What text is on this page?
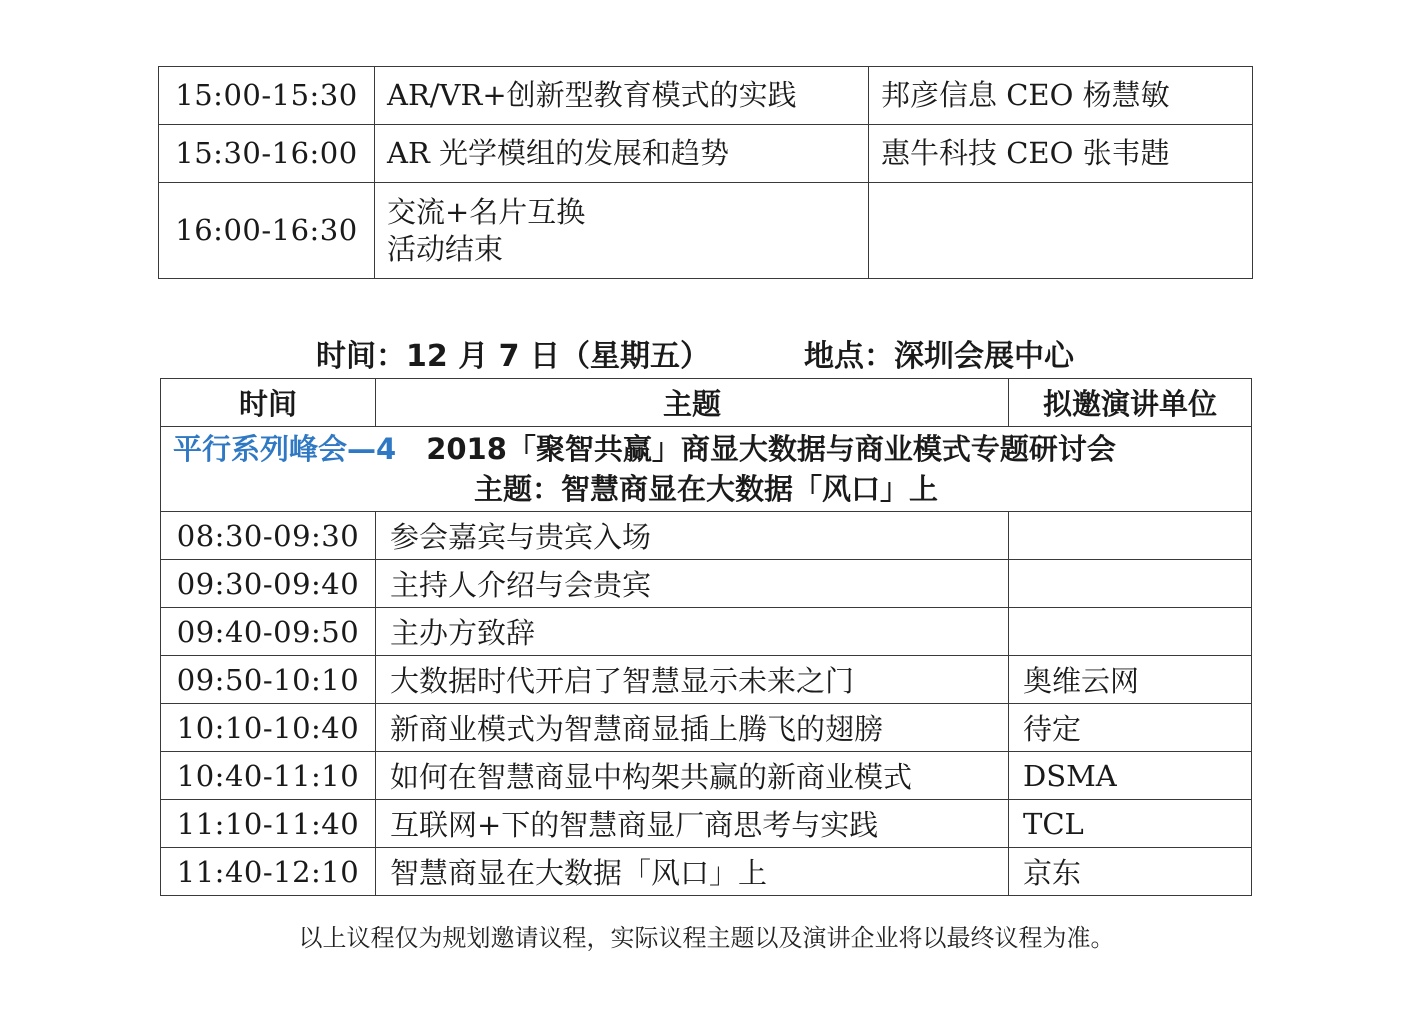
15:00-15:30	AR/VR+创新型教育模式的实践	邦彦信息 CEO 杨慧敏
15:30-16:00	AR 光学模组的发展和趋势	惠牛科技 CEO 张韦韪
16:00-16:30	交流+名片互换
活动结束	

时间：12 月 7 日（星期五）	地点：深圳会展中心
时间	主题	拟邀演讲单位

平行系列峰会—4 2018「聚智共赢」商显大数据与商业模式专题研讨会
主题：智慧商显在大数据「风口」上		

08:30-09:30	参会嘉宾与贵宾入场	
09:30-09:40	主持人介绍与会贵宾	
09:40-09:50	主办方致辞	
09:50-10:10	大数据时代开启了智慧显示未来之门	奥维云网
10:10-10:40	新商业模式为智慧商显插上腾飞的翅膀	待定
10:40-11:10	如何在智慧商显中构架共赢的新商业模式	DSMA
11:10-11:40	互联网+下的智慧商显厂商思考与实践	TCL
11:40-12:10	智慧商显在大数据「风口」上	京东
以上议程仅为规划邀请议程，实际议程主题以及演讲企业将以最终议程为准。
